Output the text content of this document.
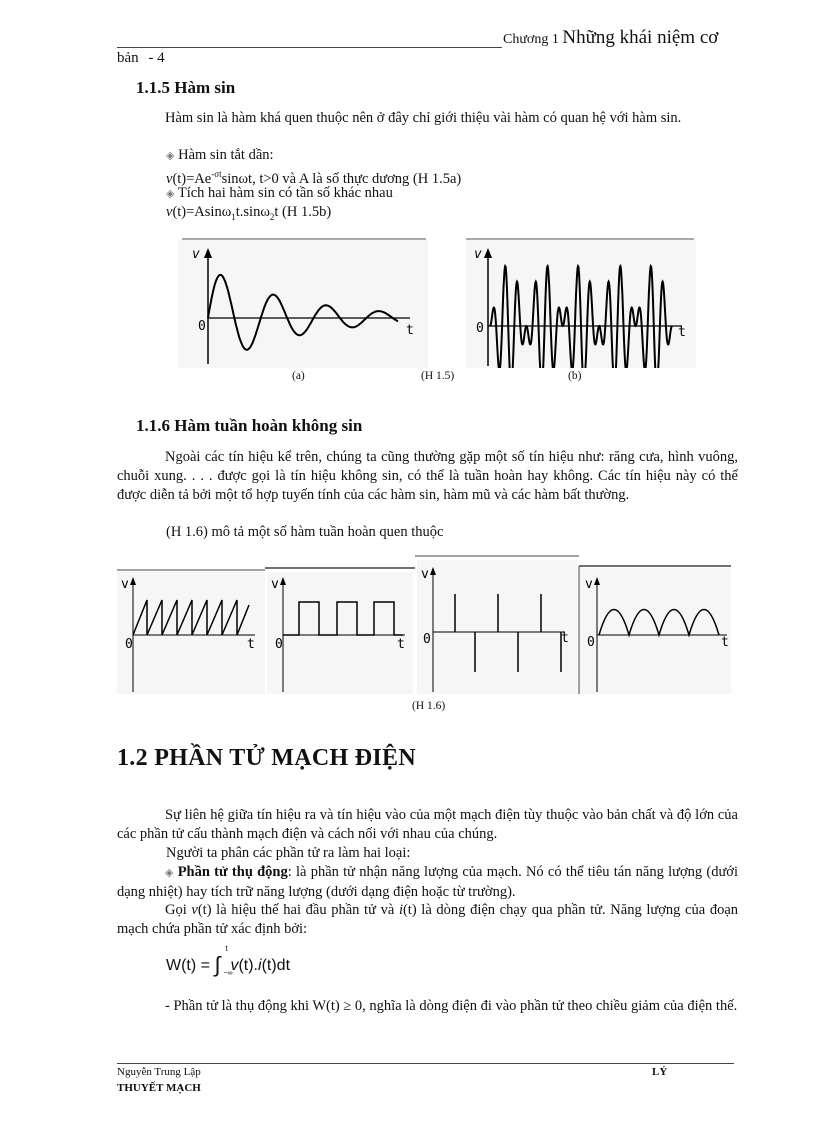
Chương 1 Những khái niệm cơ
bản - 4
1.1.5 Hàm sin
Hàm sin là hàm khá quen thuộc nên ở đây chỉ giới thiệu vài hàm có quan hệ với hàm sin.
◈ Hàm sin tắt dần:
$v(t)=Ae^{-\sigma t}\sin\omega t$, t>0 và A là số thực dương (H 1.5a)
◈ Tích hai hàm sin có tần số khác nhau
v(t)=Asinω$_1$t.sinω$_2$t (H 1.5b)
v
0	t
v
0	t
(a)	(H 1.5)	(b)
1.1.6 Hàm tuần hoàn không sin
Ngoài các tín hiệu kể trên, chúng ta cũng thường gặp một số tín hiệu như: răng cưa, hình vuông, chuỗi xung. . . . được gọi là tín hiệu không sin, có thể là tuần hoàn hay không. Các tín hiệu này có thể được diễn tả bởi một tổ hợp tuyến tính của các hàm sin, hàm mũ và các hàm bất thường.
(H 1.6) mô tả một số hàm tuần hoàn quen thuộc
v
0	t
v
0	t
v
0	t
v
0	t
(H 1.6)
1.2 PHẦN TỬ MẠCH ĐIỆN
Sự liên hệ giữa tín hiệu ra và tín hiệu vào của một mạch điện tùy thuộc vào bản chất và độ lớn của các phần tử cấu thành mạch điện và cách nối với nhau của chúng.
Người ta phân các phần tử ra làm hai loại:
◈ Phần tử thụ động: là phần tử nhận năng lượng của mạch. Nó có thể tiêu tán năng lượng (dưới dạng nhiệt) hay tích trữ năng lượng (dưới dạng điện hoặc từ trường).
Gọi v(t) là hiệu thế hai đầu phần tử và i(t) là dòng điện chạy qua phần tử. Năng lượng của đoạn mạch chứa phần tử xác định bởi:
W(t) = ∫
t
−∞
v(t).i(t)dt
- Phần tử là thụ động khi W(t) ≥ 0, nghĩa là dòng điện đi vào phần tử theo chiều giảm của điện thế.
Nguyễn Trung Lập
THUYẾT MẠCH
LÝ
